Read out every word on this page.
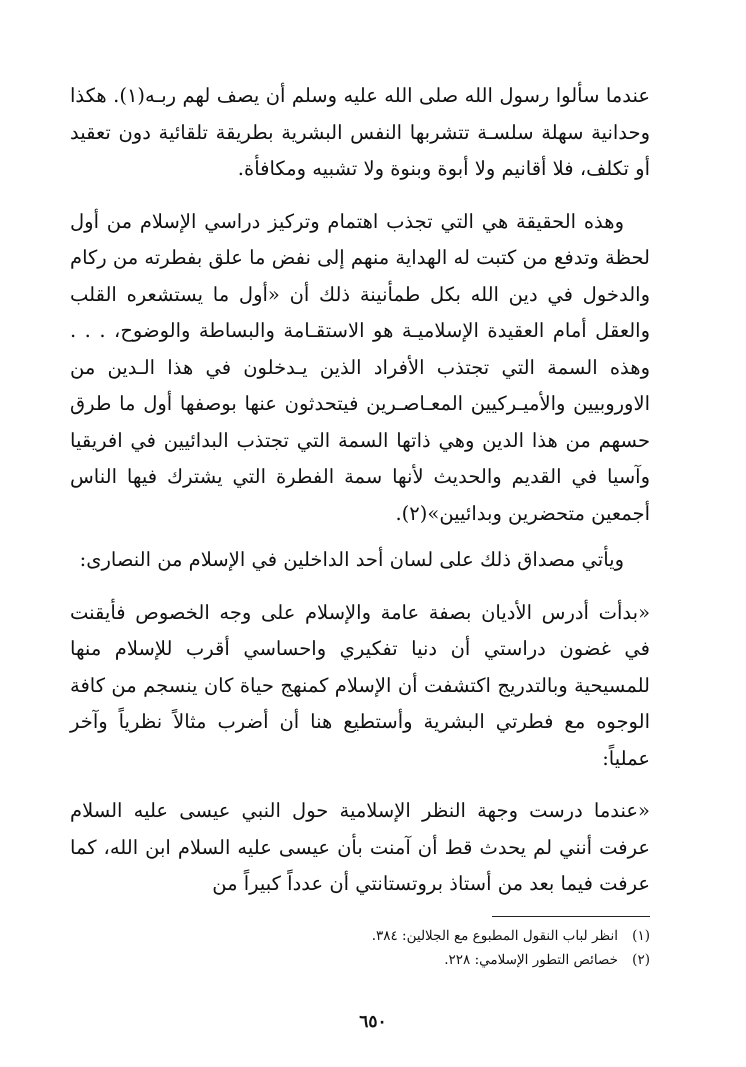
عندما سألوا رسول الله صلى الله عليه وسلم أن يصف لهم ربـه(١). هكذا وحدانية سهلة سلسـة تتشربها النفس البشرية بطريقة تلقائية دون تعقيد أو تكلف، فلا أقانيم ولا أبوة وبنوة ولا تشبيه ومكافأة.

وهذه الحقيقة هي التي تجذب اهتمام وتركيز دراسي الإسلام من أول لحظة وتدفع من كتبت له الهداية منهم إلى نفض ما علق بفطرته من ركام والدخول في دين الله بكل طمأنينة ذلك أن «أول ما يستشعره القلب والعقل أمام العقيدة الإسلاميـة هو الاستقـامة والبساطة والوضوح، . . . وهذه السمة التي تجتذب الأفراد الذين يـدخلون في هذا الـدين من الاوروبيين والأميـركيين المعـاصـرين فيتحدثون عنها بوصفها أول ما طرق حسهم من هذا الدين وهي ذاتها السمة التي تجتذب البدائيين في افريقيا وآسيا في القديم والحديث لأنها سمة الفطرة التي يشترك فيها الناس أجمعين متحضرين وبدائيين»(٢).

ويأتي مصداق ذلك على لسان أحد الداخلين في الإسلام من النصارى:

«بدأت أدرس الأديان بصفة عامة والإسلام على وجه الخصوص فأيقنت في غضون دراستي أن دنيا تفكيري واحساسي أقرب للإسلام منها للمسيحية وبالتدريج اكتشفت أن الإسلام كمنهج حياة كان ينسجم من كافة الوجوه مع فطرتي البشرية وأستطيع هنا أن أضرب مثالاً نظرياً وآخر عملياً:

«عندما درست وجهة النظر الإسلامية حول النبي عيسى عليه السلام عرفت أنني لم يحدث قط أن آمنت بأن عيسى عليه السلام ابن الله، كما عرفت فيما بعد من أستاذ بروتستانتي أن عدداً كبيراً من

(١)
انظر لباب النقول المطبوع مع الجلالين: ٣٨٤.
(٢)
خصائص التطور الإسلامي: ٢٢٨.
٦٥٠
